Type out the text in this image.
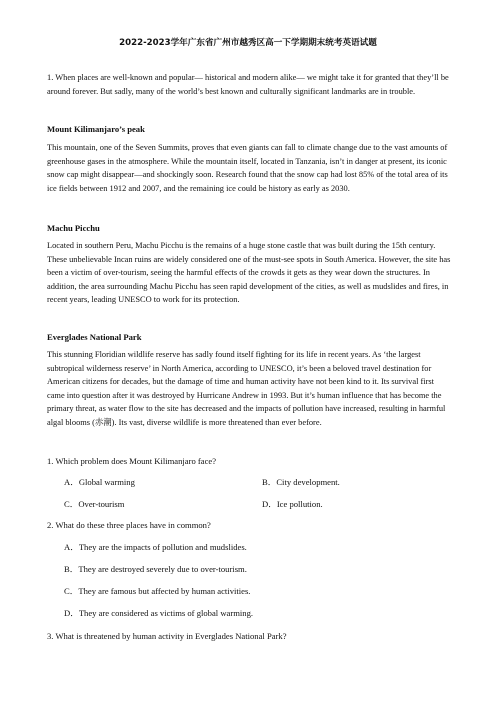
2022-2023学年广东省广州市越秀区高一下学期期末统考英语试题

1. When places are well-known and popular— historical and modern alike— we might take it for granted that they’ll be around forever. But sadly, many of the world’s best known and culturally significant landmarks are in trouble.

Mount Kilimanjaro’s peak

This mountain, one of the Seven Summits, proves that even giants can fall to climate change due to the vast amounts of greenhouse gases in the atmosphere. While the mountain itself, located in Tanzania, isn’t in danger at present, its iconic snow cap might disappear—and shockingly soon. Research found that the snow cap had lost 85% of the total area of its ice fields between 1912 and 2007, and the remaining ice could be history as early as 2030.

Machu Picchu

Located in southern Peru, Machu Picchu is the remains of a huge stone castle that was built during the 15th century. These unbelievable Incan ruins are widely considered one of the must-see spots in South America. However, the site has been a victim of over-tourism, seeing the harmful effects of the crowds it gets as they wear down the structures. In addition, the area surrounding Machu Picchu has seen rapid development of the cities, as well as mudslides and fires, in recent years, leading UNESCO to work for its protection.

Everglades National Park

This stunning Floridian wildlife reserve has sadly found itself fighting for its life in recent years. As ‘the largest subtropical wilderness reserve’ in North America, according to UNESCO, it’s been a beloved travel destination for American citizens for decades, but the damage of time and human activity have not been kind to it. Its survival first came into question after it was destroyed by Hurricane Andrew in 1993. But it’s human influence that has become the primary threat, as water flow to the site has decreased and the impacts of pollution have increased, resulting in harmful algal blooms (赤潮). Its vast, diverse wildlife is more threatened than ever before.

1. Which problem does Mount Kilimanjaro face?
A．Global warming	B．City development.
C．Over-tourism	D．Ice pollution.
2. What do these three places have in common?
A．They are the impacts of pollution and mudslides.
B．They are destroyed severely due to over-tourism.
C．They are famous but affected by human activities.
D．They are considered as victims of global warming.
3. What is threatened by human activity in Everglades National Park?
